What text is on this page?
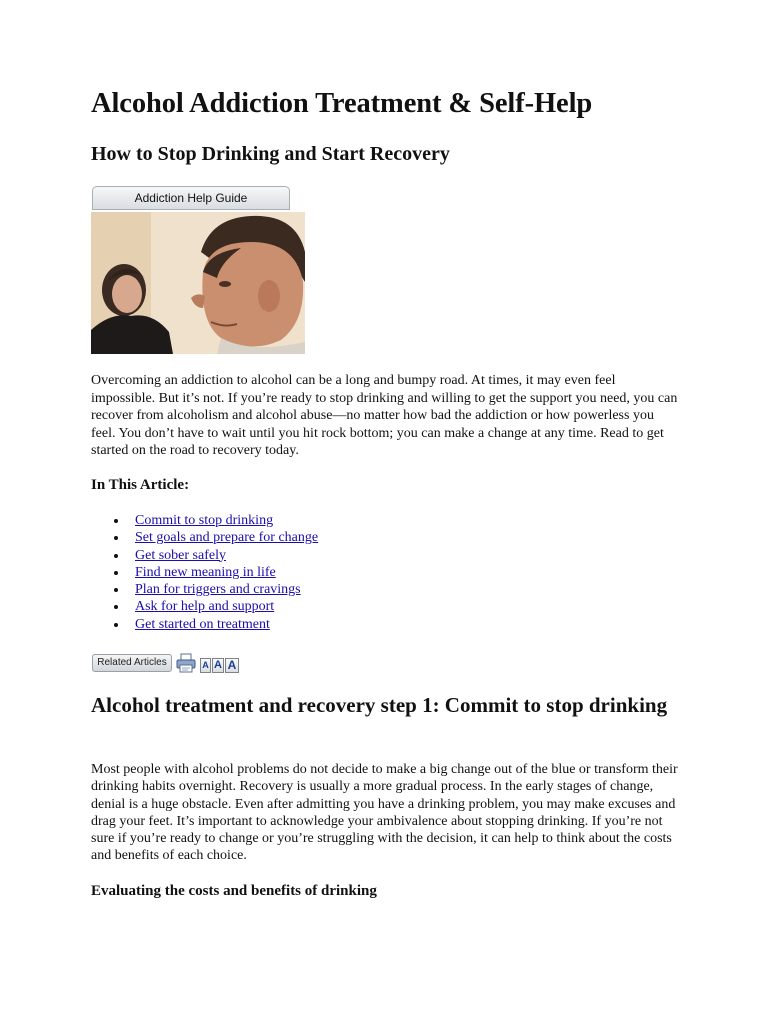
Alcohol Addiction Treatment & Self-Help
How to Stop Drinking and Start Recovery
Addiction Help Guide

Overcoming an addiction to alcohol can be a long and bumpy road. At times, it may even feel impossible. But it’s not. If you’re ready to stop drinking and willing to get the support you need, you can recover from alcoholism and alcohol abuse—no matter how bad the addiction or how powerless you feel. You don’t have to wait until you hit rock bottom; you can make a change at any time. Read to get started on the road to recovery today.

In This Article:
Commit to stop drinking
Set goals and prepare for change
Get sober safely
Find new meaning in life
Plan for triggers and cravings
Ask for help and support
Get started on treatment
Related Articles	A A A
Alcohol treatment and recovery step 1: Commit to stop drinking

Most people with alcohol problems do not decide to make a big change out of the blue or transform their drinking habits overnight. Recovery is usually a more gradual process. In the early stages of change, denial is a huge obstacle. Even after admitting you have a drinking problem, you may make excuses and drag your feet. It’s important to acknowledge your ambivalence about stopping drinking. If you’re not sure if you’re ready to change or you’re struggling with the decision, it can help to think about the costs and benefits of each choice.

Evaluating the costs and benefits of drinking
